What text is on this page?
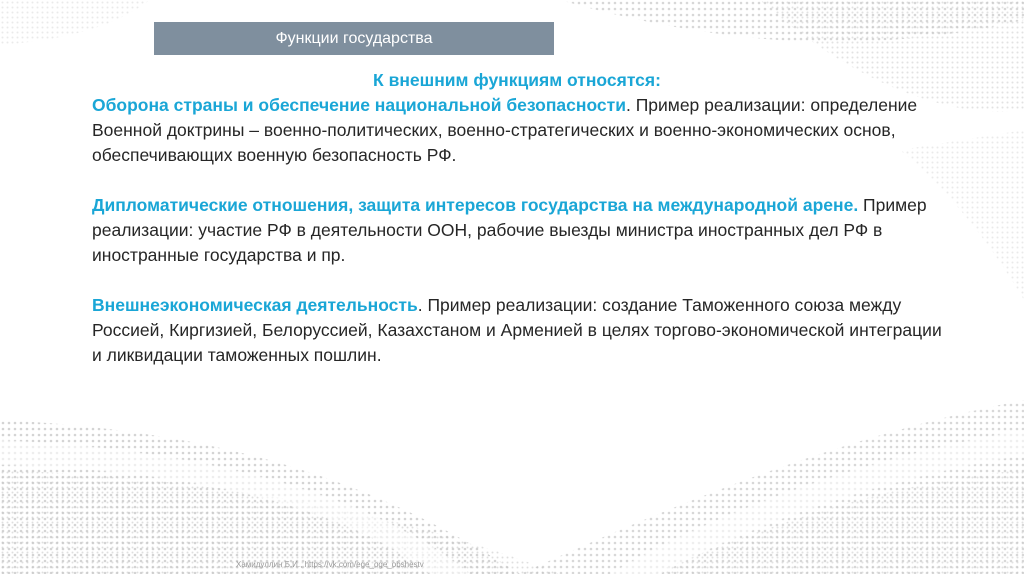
Функции государства

К внешним функциям относятся:

Оборона страны и обеспечение национальной безопасности. Пример реализации: определение Военной доктрины – военно-политических, военно-стратегических и военно-экономических основ, обеспечивающих военную безопасность РФ.

Дипломатические отношения, защита интересов государства на международной арене. Пример реализации: участие РФ в деятельности ООН, рабочие выезды министра иностранных дел РФ в иностранные государства и пр.

Внешнеэкономическая деятельность. Пример реализации: создание Таможенного союза между Россией, Киргизией, Белоруссией, Казахстаном и Арменией в целях торгово-экономической интеграции и ликвидации таможенных пошлин.

Хамидуллин Б.И., https://vk.com/ege_oge_obshestv
